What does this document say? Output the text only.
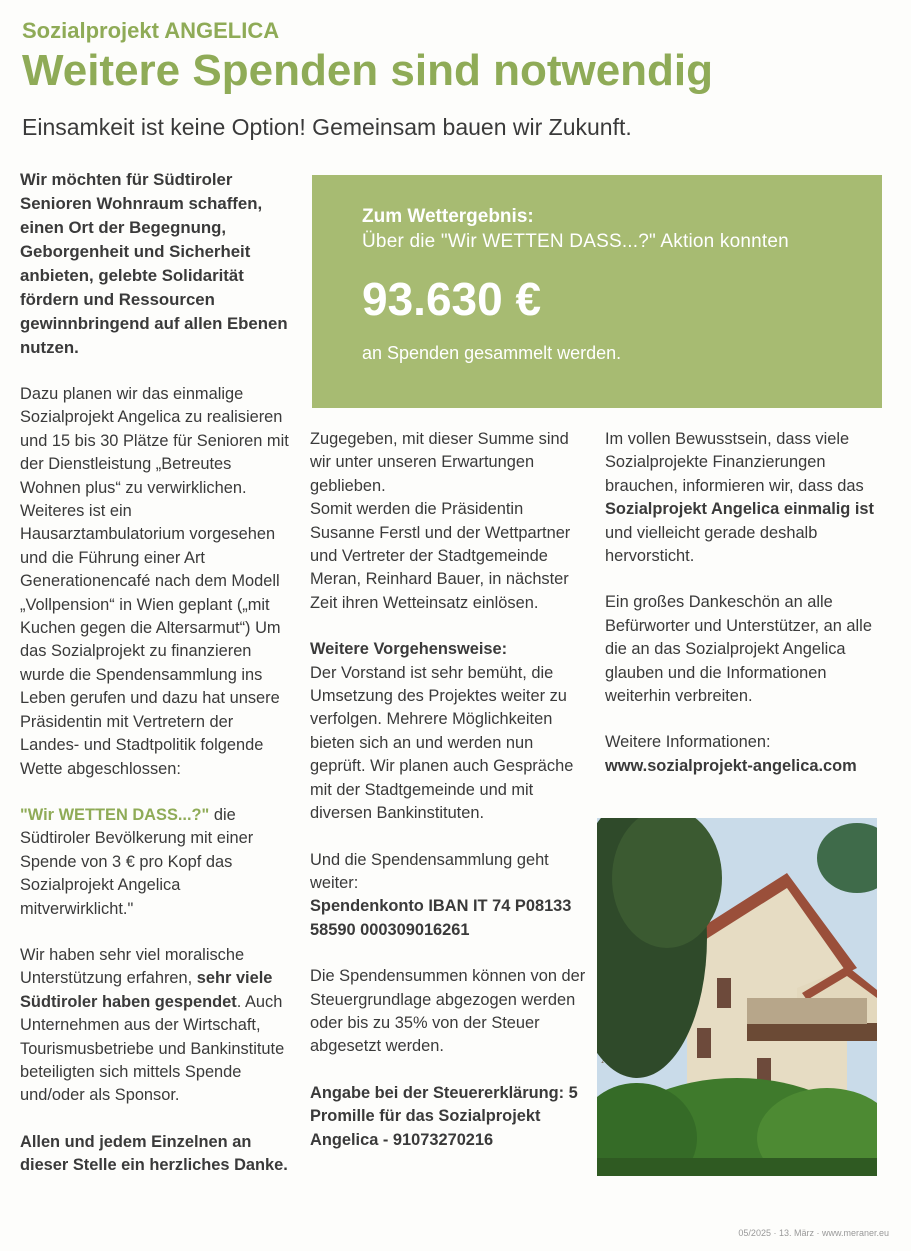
Sozialprojekt ANGELICA
Weitere Spenden sind notwendig
Einsamkeit ist keine Option! Gemeinsam bauen wir Zukunft.

Wir möchten für Südtiroler Senioren Wohnraum schaffen, einen Ort der Begegnung, Geborgenheit und Sicherheit anbieten, gelebte Solidarität fördern und Ressourcen gewinnbringend auf allen Ebenen nutzen.

Dazu planen wir das einmalige Sozialprojekt Angelica zu realisieren und 15 bis 30 Plätze für Senioren mit der Dienstleistung „Betreutes Wohnen plus“ zu verwirklichen. Weiteres ist ein Hausarztambulatorium vorgesehen und die Führung einer Art Generationencafé nach dem Modell „Vollpension“ in Wien geplant („mit Kuchen gegen die Altersarmut“) Um das Sozialprojekt zu finanzieren wurde die Spendensammlung ins Leben gerufen und dazu hat unsere Präsidentin mit Vertretern der Landes- und Stadtpolitik folgende Wette abgeschlossen:

"Wir WETTEN DASS...?" die Südtiroler Bevölkerung mit einer Spende von 3 € pro Kopf das Sozialprojekt Angelica mitverwirklicht."

Wir haben sehr viel moralische Unterstützung erfahren, sehr viele Südtiroler haben gespendet. Auch Unternehmen aus der Wirtschaft, Tourismusbetriebe und Bankinstitute beteiligten sich mittels Spende und/oder als Sponsor.

Allen und jedem Einzelnen an dieser Stelle ein herzliches Danke.

Zum Wettergebnis:
Über die "Wir WETTEN DASS...?" Aktion konnten
93.630 €
an Spenden gesammelt werden.

Zugegeben, mit dieser Summe sind wir unter unseren Erwartungen geblieben.
Somit werden die Präsidentin Susanne Ferstl und der Wettpartner und Vertreter der Stadtgemeinde Meran, Reinhard Bauer, in nächster Zeit ihren Wetteinsatz einlösen.

Weitere Vorgehensweise:
Der Vorstand ist sehr bemüht, die Umsetzung des Projektes weiter zu verfolgen. Mehrere Möglichkeiten bieten sich an und werden nun geprüft. Wir planen auch Gespräche mit der Stadtgemeinde und mit diversen Bankinstituten.

Und die Spendensammlung geht weiter:
Spendenkonto IBAN IT 74 P08133 58590 000309016261

Die Spendensummen können von der Steuergrundlage abgezogen werden oder bis zu 35% von der Steuer abgesetzt werden.

Angabe bei der Steuererklärung: 5 Promille für das Sozialprojekt Angelica - 91073270216

Im vollen Bewusstsein, dass viele Sozialprojekte Finanzierungen brauchen, informieren wir, dass das Sozialprojekt Angelica einmalig ist und vielleicht gerade deshalb hervorsticht.

Ein großes Dankeschön an alle Befürworter und Unterstützer, an alle die an das Sozialprojekt Angelica glauben und die Informationen weiterhin verbreiten.

Weitere Informationen:
www.sozialprojekt-angelica.com

05/2025 · 13. März · www.meraner.eu
